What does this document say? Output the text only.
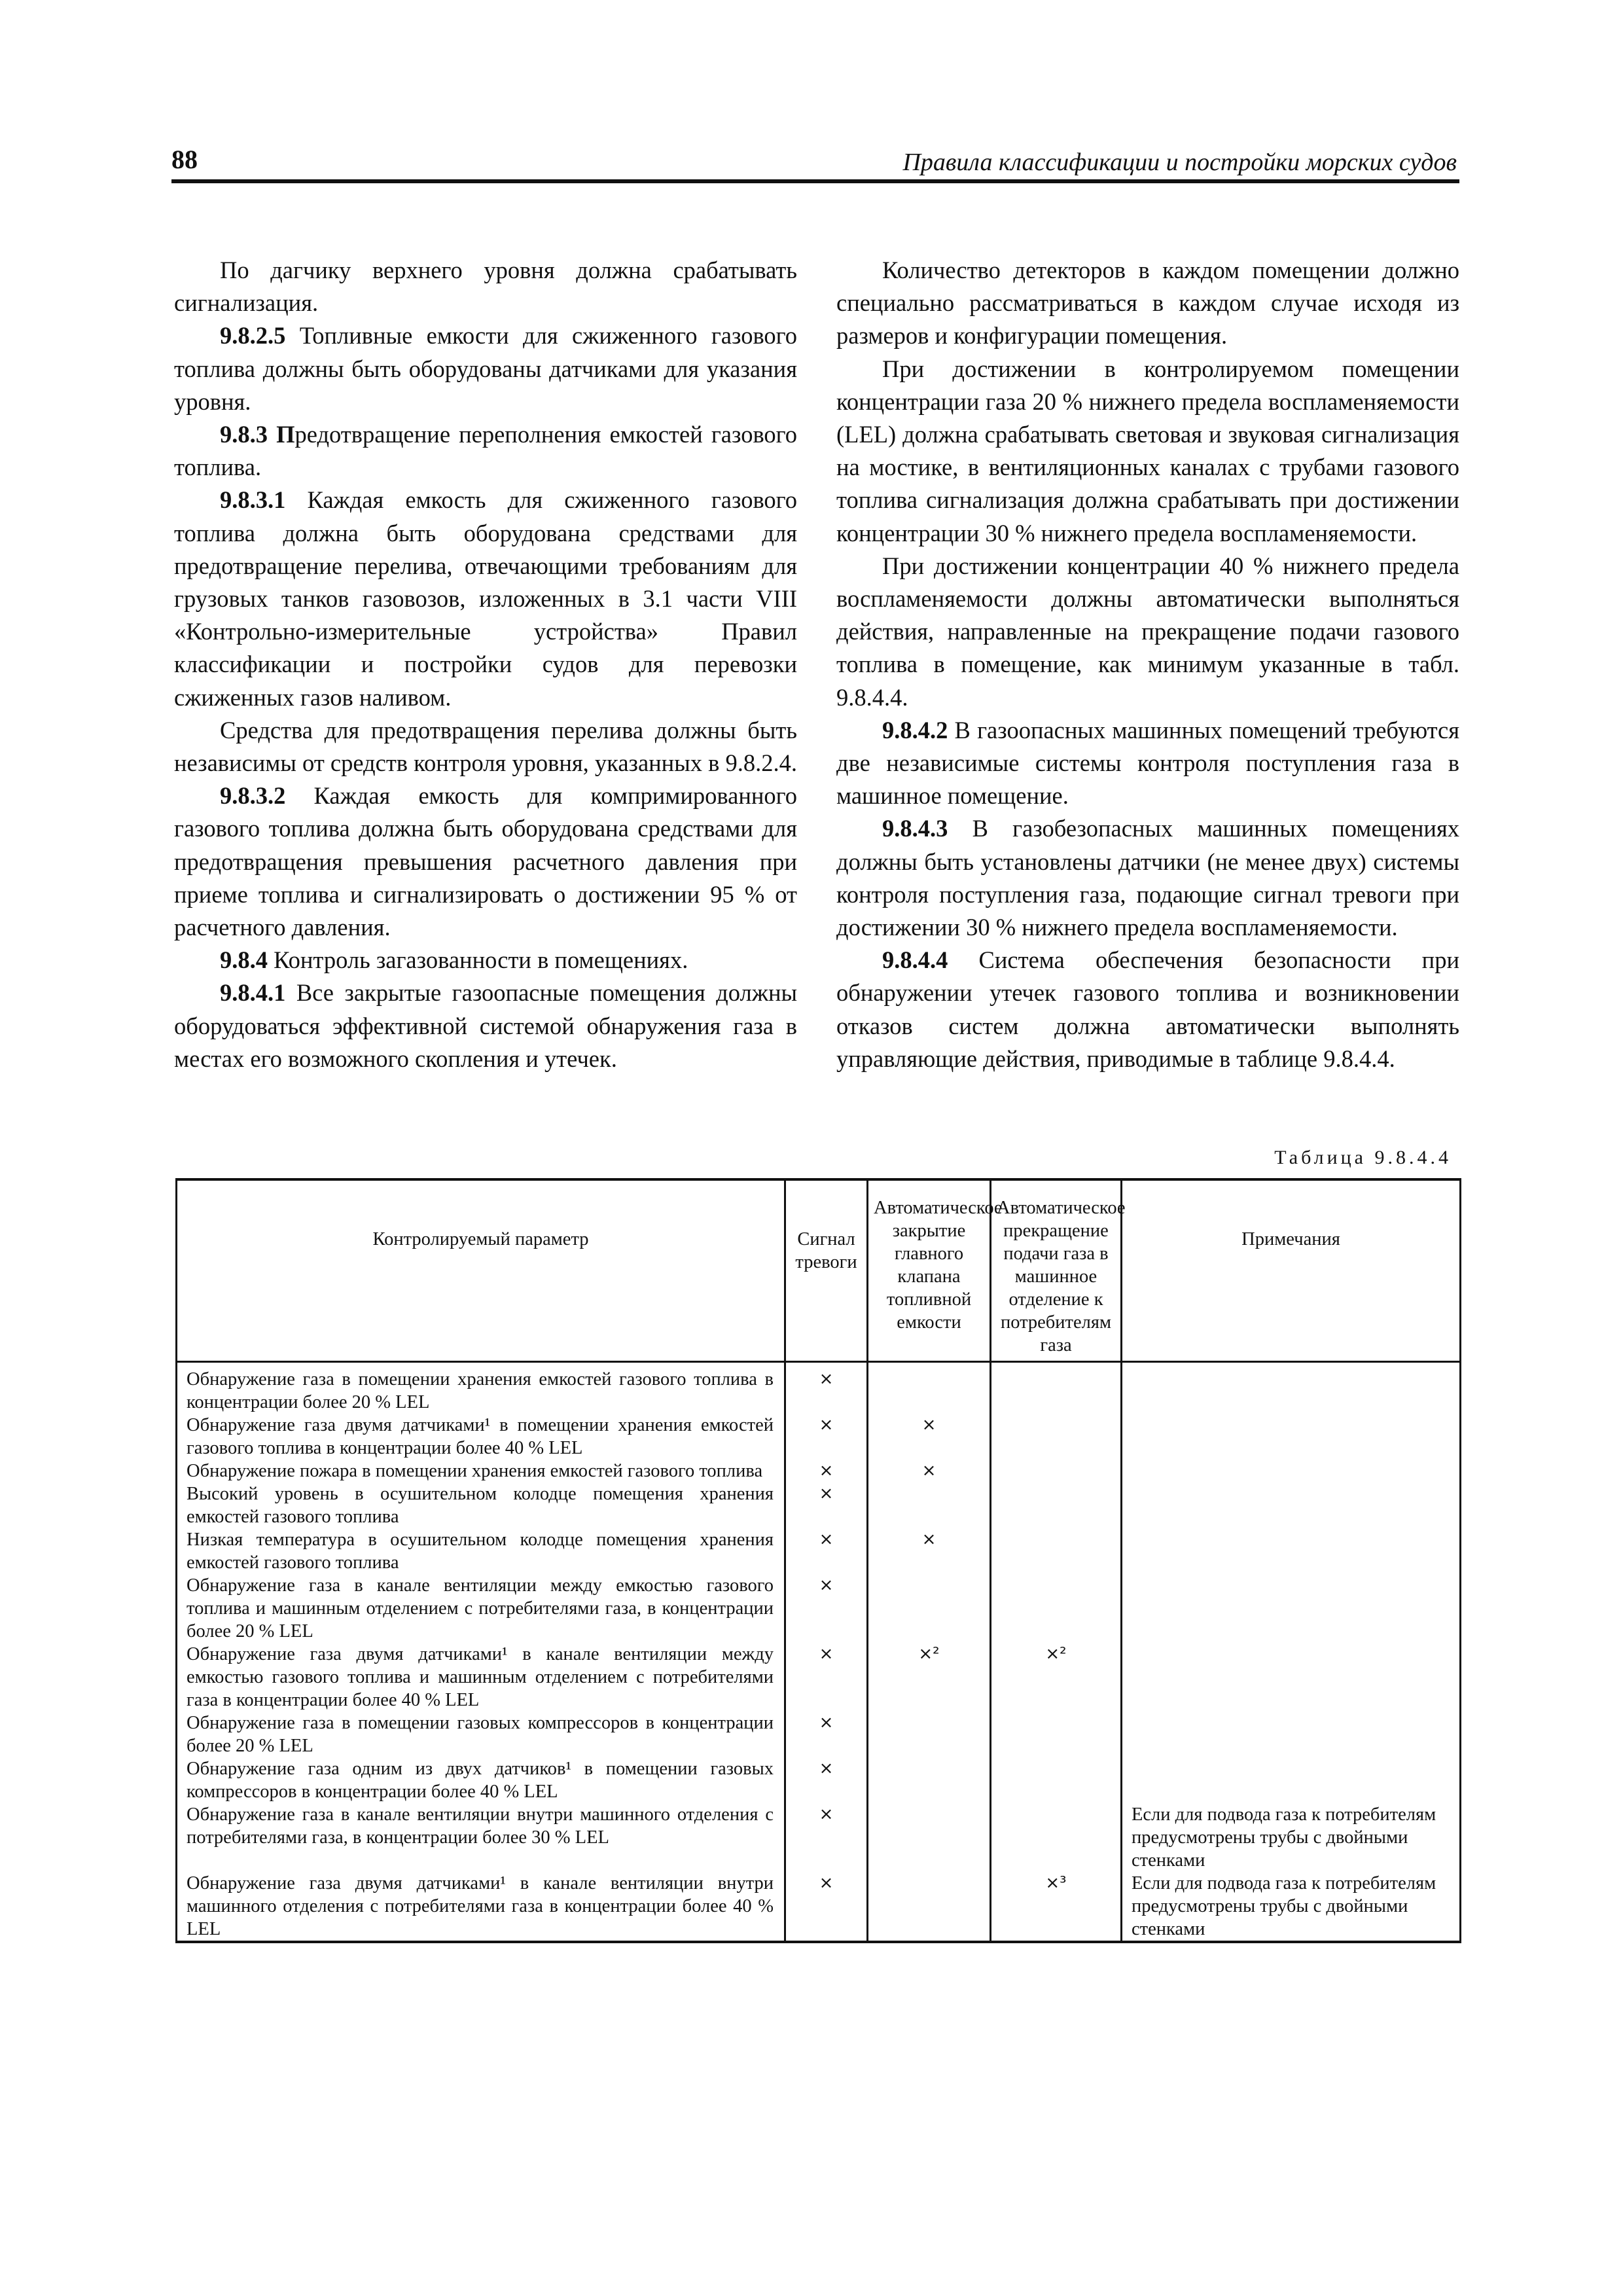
88	Правила классификации и постройки морских судов

По дагчику верхнего уровня должна срабатывать сигнализация.

9.8.2.5 Топливные емкости для сжиженного газового топлива должны быть оборудованы датчиками для указания уровня.

9.8.3 Предотвращение переполнения емкостей газового топлива.

9.8.3.1 Каждая емкость для сжиженного газового топлива должна быть оборудована средствами для предотвращение перелива, отвечающими требованиям для грузовых танков газовозов, изложенных в 3.1 части VIII «Контрольно-измерительные устройства» Правил классификации и постройки судов для перевозки сжиженных газов наливом.

Средства для предотвращения перелива должны быть независимы от средств контроля уровня, указанных в 9.8.2.4.

9.8.3.2 Каждая емкость для компримированного газового топлива должна быть оборудована средствами для предотвращения превышения расчетного давления при приеме топлива и сигнализировать о достижении 95 % от расчетного давления.

9.8.4 Контроль загазованности в помещениях.

9.8.4.1 Все закрытые газоопасные помещения должны оборудоваться эффективной системой обнаружения газа в местах его возможного скопления и утечек.

Количество детекторов в каждом помещении должно специально рассматриваться в каждом случае исходя из размеров и конфигурации помещения.

При достижении в контролируемом помещении концентрации газа 20 % нижнего предела воспламеняемости (LEL) должна срабатывать световая и звуковая сигнализация на мостике, в вентиляционных каналах с трубами газового топлива сигнализация должна срабатывать при достижении концентрации 30 % нижнего предела воспламеняемости.

При достижении концентрации 40 % нижнего предела воспламеняемости должны автоматически выполняться действия, направленные на прекращение подачи газового топлива в помещение, как минимум указанные в табл. 9.8.4.4.

9.8.4.2 В газоопасных машинных помещений требуются две независимые системы контроля поступления газа в машинное помещение.

9.8.4.3 В газобезопасных машинных помещениях должны быть установлены датчики (не менее двух) системы контроля поступления газа, подающие сигнал тревоги при достижении 30 % нижнего предела воспламеняемости.

9.8.4.4 Система обеспечения безопасности при обнаружении утечек газового топлива и возникновении отказов систем должна автоматически выполнять управляющие действия, приводимые в таблице 9.8.4.4.

Таблица 9.8.4.4
Контролируемый параметр	Сигнал тревоги	Автоматическое закрытие главного клапана топливной емкости	Автоматическое прекращение подачи газа в машинное отделение к потребителям газа	Примечания

Обнаружение газа в помещении хранения емкостей газового топлива в концентрации более 20 % LEL	×			
Обнаружение газа двумя датчиками¹ в помещении хранения емкостей газового топлива в концентрации более 40 % LEL	×	×		
Обнаружение пожара в помещении хранения емкостей газового топлива	×	×		
Высокий уровень в осушительном колодце помещения хранения емкостей газового топлива	×			
Низкая температура в осушительном колодце помещения хранения емкостей газового топлива	×	×		
Обнаружение газа в канале вентиляции между емкостью газового топлива и машинным отделением с потребителями газа, в концентрации более 20 % LEL	×			
Обнаружение газа двумя датчиками¹ в канале вентиляции между емкостью газового топлива и машинным отделением с потребителями газа в концентрации более 40 % LEL	×	×²	×²	
Обнаружение газа в помещении газовых компрессоров в концентрации более 20 % LEL	×			
Обнаружение газа одним из двух датчиков¹ в помещении газовых компрессоров в концентрации более 40 % LEL	×			
Обнаружение газа в канале вентиляции внутри машинного отделения с потребителями газа, в концентрации более 30 % LEL	×			Если для подвода газа к потребителям предусмотрены трубы с двойными стенками
Обнаружение газа двумя датчиками¹ в канале вентиляции внутри машинного отделения с потребителями газа в концентрации более 40 % LEL	×		×³	Если для подвода газа к потребителям предусмотрены трубы с двойными стенками
